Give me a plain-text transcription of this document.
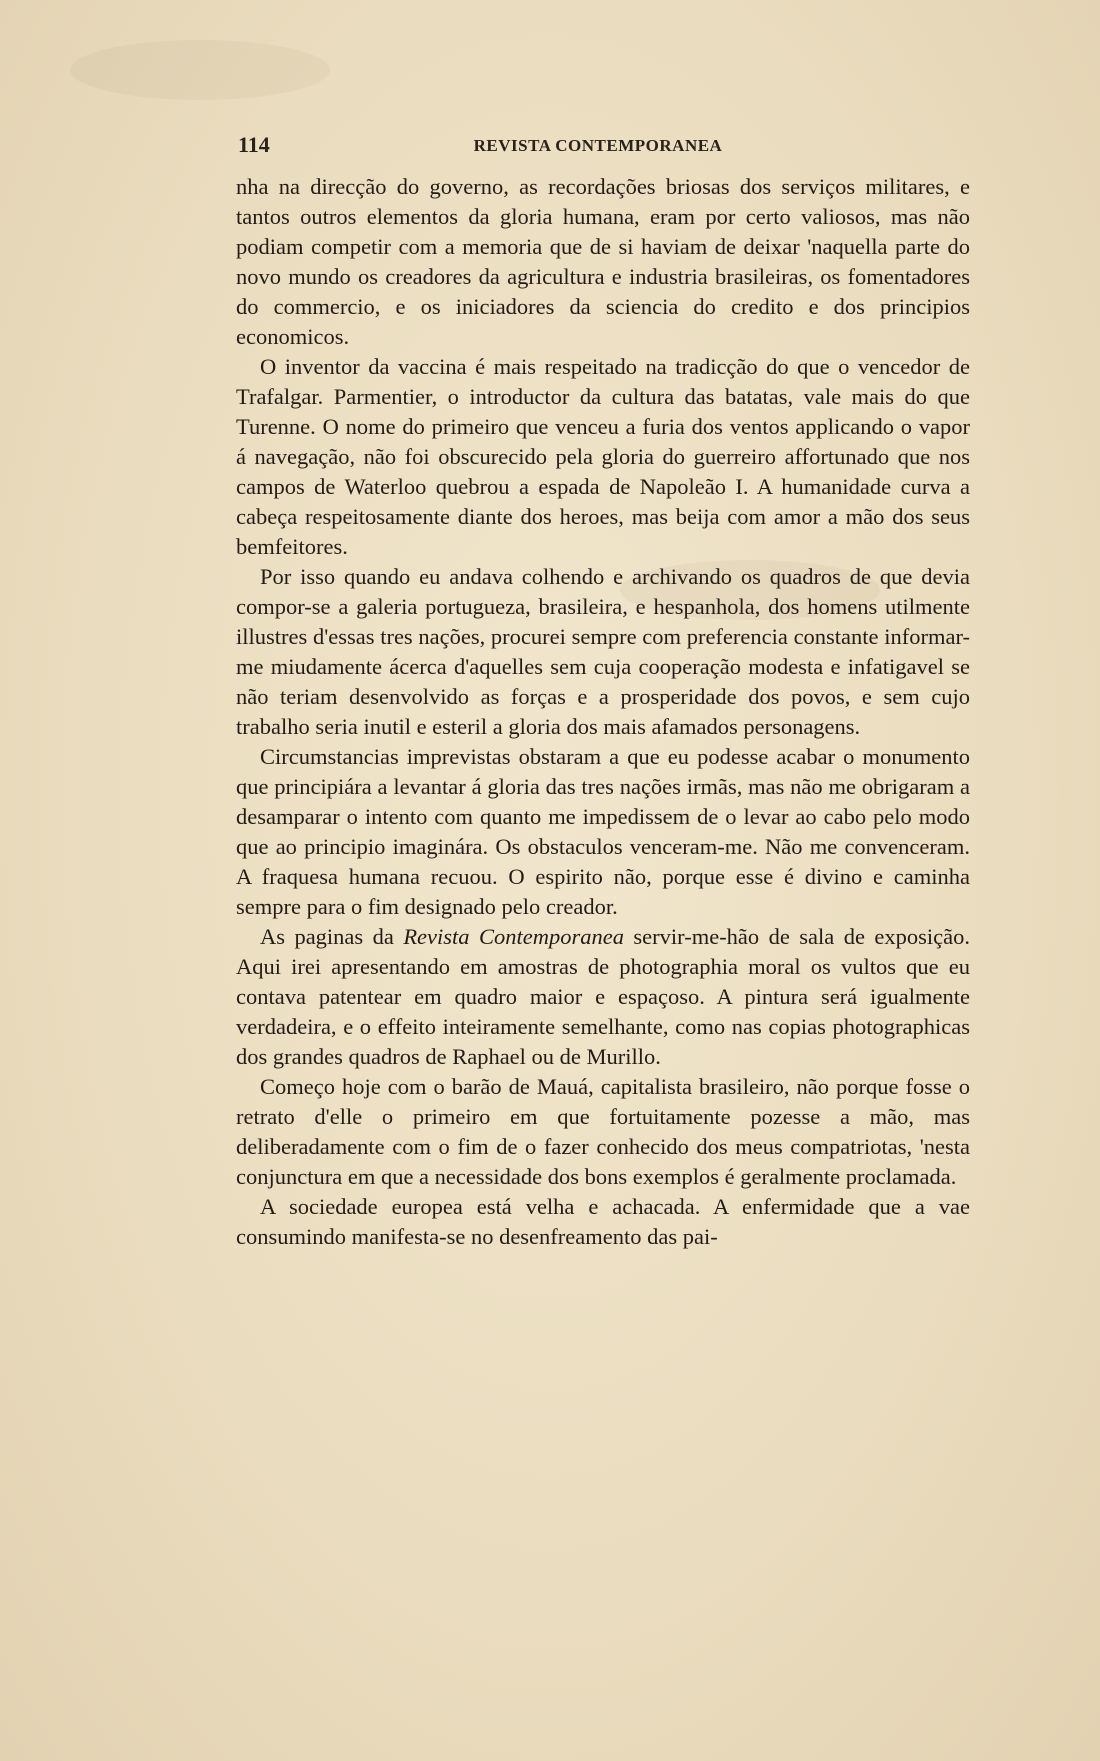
114	REVISTA CONTEMPORANEA

nha na direcção do governo, as recordações briosas dos serviços militares, e tantos outros elementos da gloria humana, eram por certo valiosos, mas não podiam competir com a memoria que de si haviam de deixar 'naquella parte do novo mundo os creadores da agricultura e industria brasileiras, os fomentadores do commercio, e os iniciadores da sciencia do credito e dos principios economicos.

O inventor da vaccina é mais respeitado na tradicção do que o vencedor de Trafalgar. Parmentier, o introductor da cultura das batatas, vale mais do que Turenne. O nome do primeiro que venceu a furia dos ventos applicando o vapor á navegação, não foi obscurecido pela gloria do guerreiro affortunado que nos campos de Waterloo quebrou a espada de Napoleão I. A humanidade curva a cabeça respeitosamente diante dos heroes, mas beija com amor a mão dos seus bemfeitores.

Por isso quando eu andava colhendo e archivando os quadros de que devia compor-se a galeria portugueza, brasileira, e hespanhola, dos homens utilmente illustres d'essas tres nações, procurei sempre com preferencia constante informar-me miudamente ácerca d'aquelles sem cuja cooperação modesta e infatigavel se não teriam desenvolvido as forças e a prosperidade dos povos, e sem cujo trabalho seria inutil e esteril a gloria dos mais afamados personagens.

Circumstancias imprevistas obstaram a que eu podesse acabar o monumento que principiára a levantar á gloria das tres nações irmãs, mas não me obrigaram a desamparar o intento com quanto me impedissem de o levar ao cabo pelo modo que ao principio imaginára. Os obstaculos venceram-me. Não me convenceram. A fraquesa humana recuou. O espirito não, porque esse é divino e caminha sempre para o fim designado pelo creador.

As paginas da Revista Contemporanea servir-me-hão de sala de exposição. Aqui irei apresentando em amostras de photographia moral os vultos que eu contava patentear em quadro maior e espaçoso. A pintura será igualmente verdadeira, e o effeito inteiramente semelhante, como nas copias photographicas dos grandes quadros de Raphael ou de Murillo.

Começo hoje com o barão de Mauá, capitalista brasileiro, não porque fosse o retrato d'elle o primeiro em que fortuitamente pozesse a mão, mas deliberadamente com o fim de o fazer conhecido dos meus compatriotas, 'nesta conjunctura em que a necessidade dos bons exemplos é geralmente proclamada.

A sociedade europea está velha e achacada. A enfermidade que a vae consumindo manifesta-se no desenfreamento das pai-
